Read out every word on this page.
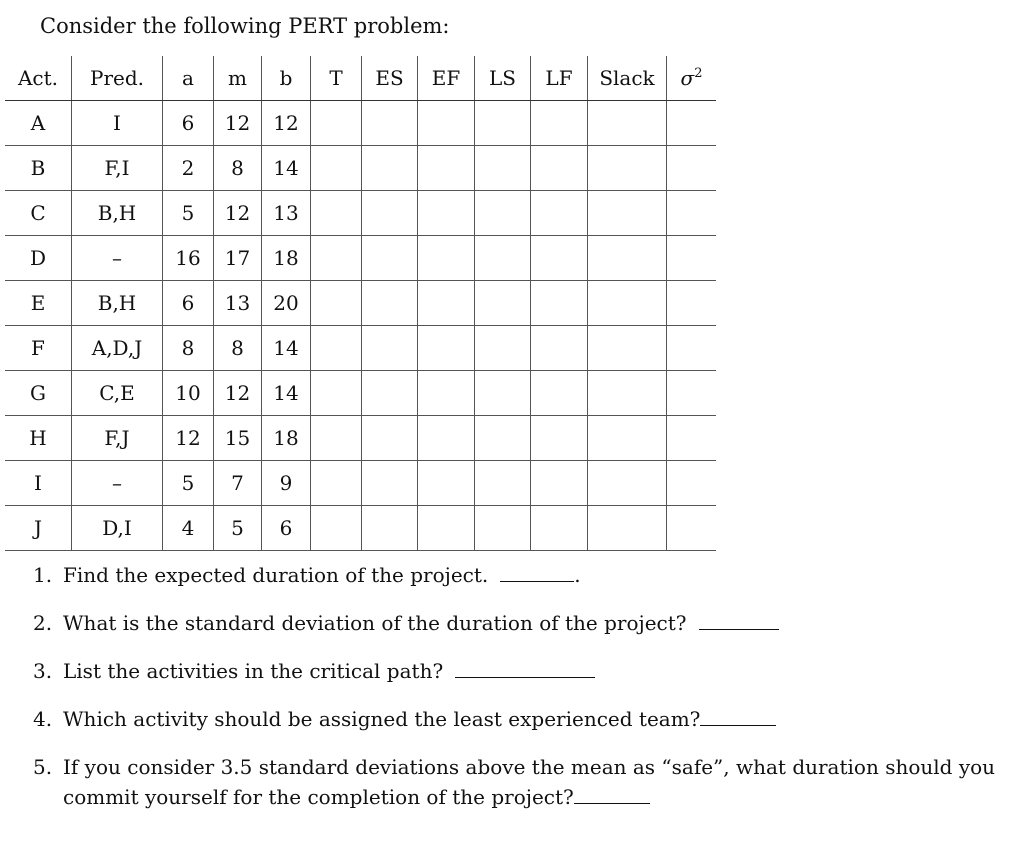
Consider the following PERT problem:
Act.	Pred.	a	m	b	T	ES	EF	LS	LF	Slack	$\sigma^2$
A	I	6	12	12							
B	F,I	2	8	14							
C	B,H	5	12	13							
D	–	16	17	18							
E	B,H	6	13	20							
F	A,D,J	8	8	14							
G	C,E	10	12	14							
H	F,J	12	15	18							
I	–	5	7	9							
J	D,I	4	5	6							
1. Find the expected duration of the project.	.
2. What is the standard deviation of the duration of the project?
3. List the activities in the critical path?
4. Which activity should be assigned the least experienced team?
5. If you consider 3.5 standard deviations above the mean as “safe”, what duration should you commit yourself for the completion of the project?
